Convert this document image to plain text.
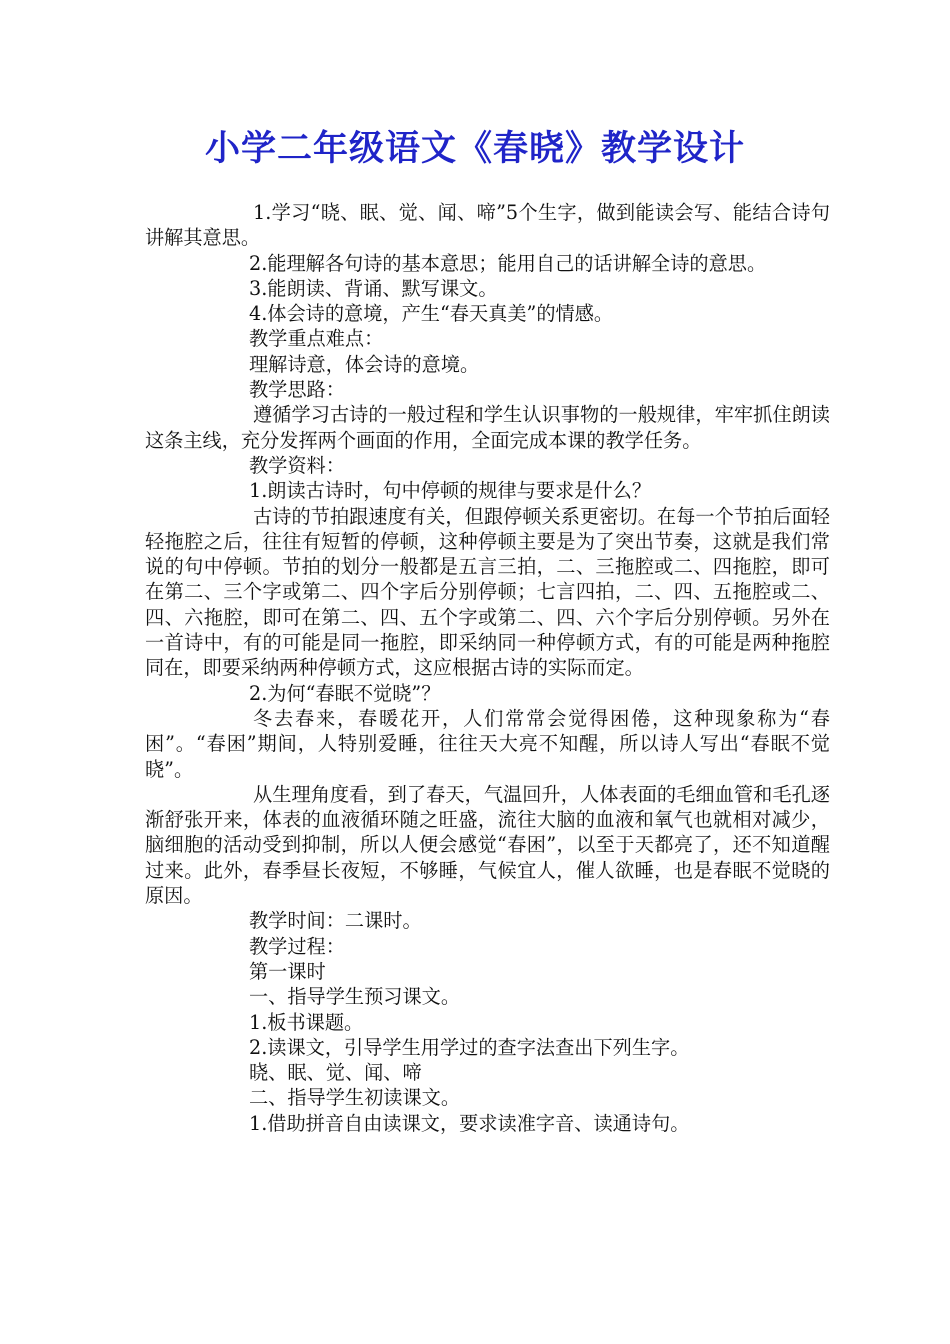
小学二年级语文《春晓》教学设计

1.学习“晓、眠、觉、闻、啼”5个生字，做到能读会写、能结合诗句讲解其意思。

2.能理解各句诗的基本意思；能用自己的话讲解全诗的意思。

3.能朗读、背诵、默写课文。

4.体会诗的意境，产生“春天真美”的情感。

教学重点难点：

理解诗意，体会诗的意境。

教学思路：

遵循学习古诗的一般过程和学生认识事物的一般规律，牢牢抓住朗读这条主线，充分发挥两个画面的作用，全面完成本课的教学任务。

教学资料：

1.朗读古诗时，句中停顿的规律与要求是什么？

古诗的节拍跟速度有关，但跟停顿关系更密切。在每一个节拍后面轻轻拖腔之后，往往有短暂的停顿，这种停顿主要是为了突出节奏，这就是我们常说的句中停顿。节拍的划分一般都是五言三拍，二、三拖腔或二、四拖腔，即可在第二、三个字或第二、四个字后分别停顿；七言四拍，二、四、五拖腔或二、四、六拖腔，即可在第二、四、五个字或第二、四、六个字后分别停顿。另外在一首诗中，有的可能是同一拖腔，即采纳同一种停顿方式，有的可能是两种拖腔同在，即要采纳两种停顿方式，这应根据古诗的实际而定。

2.为何“春眠不觉晓”？

冬去春来，春暖花开，人们常常会觉得困倦，这种现象称为“春困”。“春困”期间，人特别爱睡，往往天大亮不知醒，所以诗人写出“春眠不觉晓”。

从生理角度看，到了春天，气温回升，人体表面的毛细血管和毛孔逐渐舒张开来，体表的血液循环随之旺盛，流往大脑的血液和氧气也就相对减少，脑细胞的活动受到抑制，所以人便会感觉“春困”，以至于天都亮了，还不知道醒过来。此外，春季昼长夜短，不够睡，气候宜人，催人欲睡，也是春眠不觉晓的原因。

教学时间：二课时。

教学过程：

第一课时

一、指导学生预习课文。

1.板书课题。

2.读课文，引导学生用学过的查字法查出下列生字。

晓、眠、觉、闻、啼

二、指导学生初读课文。

1.借助拼音自由读课文，要求读准字音、读通诗句。
